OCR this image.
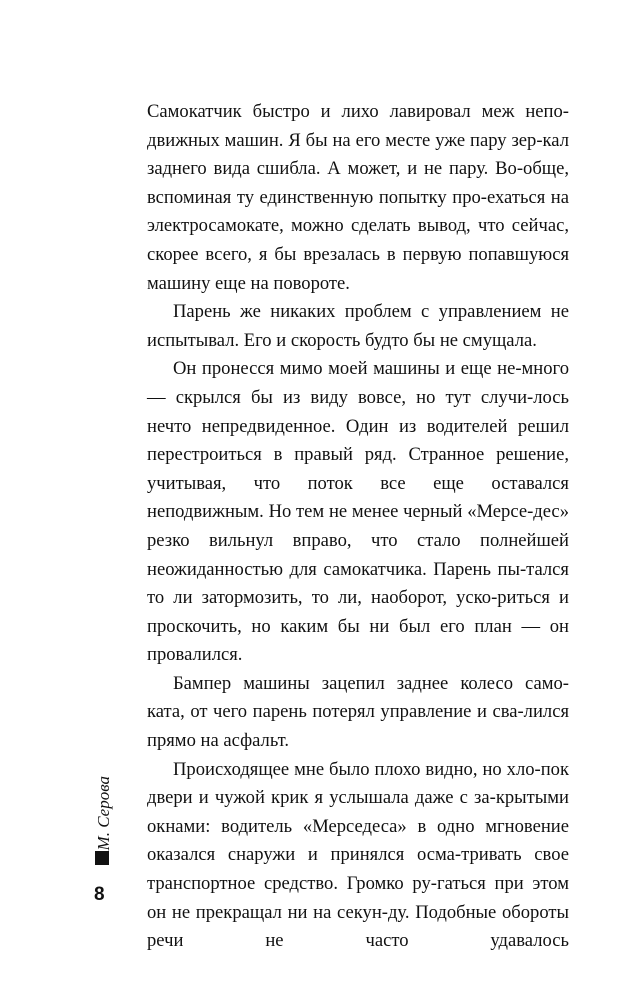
Самокатчик быстро и лихо лавировал меж непо-движных машин. Я бы на его месте уже пару зер-кал заднего вида сшибла. А может, и не пару. Во-обще, вспоминая ту единственную попытку про-ехаться на электросамокате, можно сделать вывод, что сейчас, скорее всего, я бы врезалась в первую попавшуюся машину еще на повороте.

Парень же никаких проблем с управлением не испытывал. Его и скорость будто бы не смущала.

Он пронесся мимо моей машины и еще не-много — скрылся бы из виду вовсе, но тут случи-лось нечто непредвиденное. Один из водителей решил перестроиться в правый ряд. Странное решение, учитывая, что поток все еще оставался неподвижным. Но тем не менее черный «Мерсе-дес» резко вильнул вправо, что стало полнейшей неожиданностью для самокатчика. Парень пы-тался то ли затормозить, то ли, наоборот, уско-риться и проскочить, но каким бы ни был его план — он провалился.

Бампер машины зацепил заднее колесо само-ката, от чего парень потерял управление и сва-лился прямо на асфальт.

Происходящее мне было плохо видно, но хло-пок двери и чужой крик я услышала даже с за-крытыми окнами: водитель «Мерседеса» в одно мгновение оказался снаружи и принялся осма-тривать свое транспортное средство. Громко ру-гаться при этом он не прекращал ни на секун-ду. Подобные обороты речи не часто удавалось

М. Серова
8
